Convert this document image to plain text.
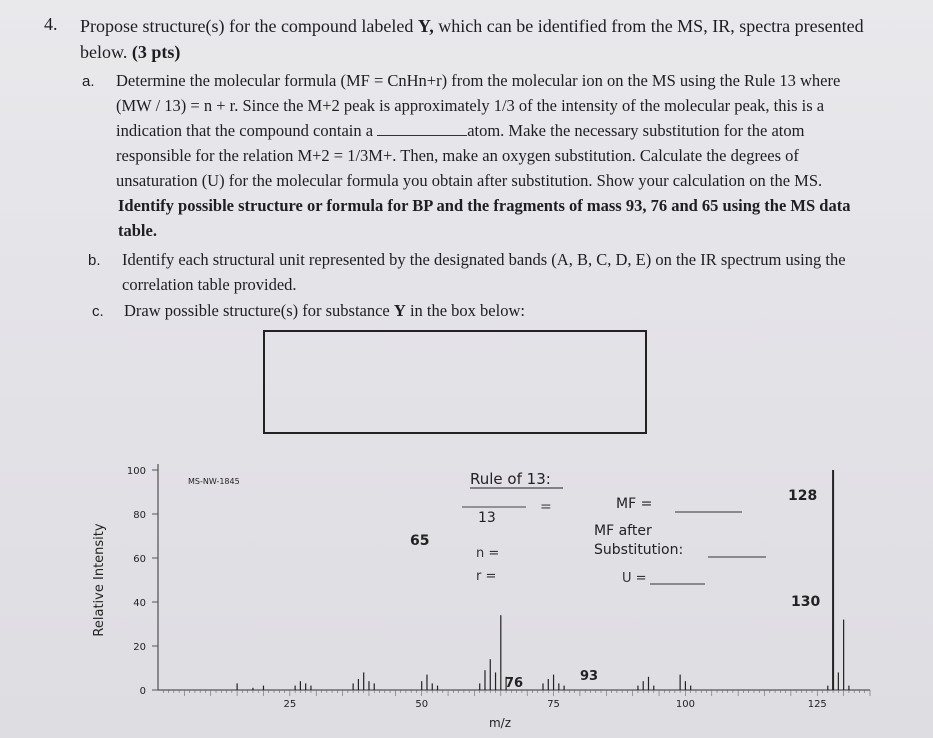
4. Propose structure(s) for the compound labeled Y, which can be identified from the MS, IR, spectra presented
below. (3 pts)
a. Determine the molecular formula (MF = CnHn+r) from the molecular ion on the MS using the Rule 13 where
(MW / 13) = n + r. Since the M+2 peak is approximately 1/3 of the intensity of the molecular peak, this is a
indication that the compound contain a	atom. Make the necessary substitution for the atom
responsible for the relation M+2 = 1/3M+. Then, make an oxygen substitution. Calculate the degrees of
unsaturation (U) for the molecular formula you obtain after substitution. Show your calculation on the MS.
Identify possible structure or formula for BP and the fragments of mass 93, 76 and 65 using the MS data
table.
b. Identify each structural unit represented by the designated bands (A, B, C, D, E) on the IR spectrum using the
correlation table provided.
c. Draw possible structure(s) for substance Y in the box below:
0
20
40
60
80
100
25	50	75	100	125
m/z
Relative Intensity
MS-NW-1845	Rule of 13:
13
=
n =
r =
MF =
MF after
Substitution:
U =
128
130
65
76	93
